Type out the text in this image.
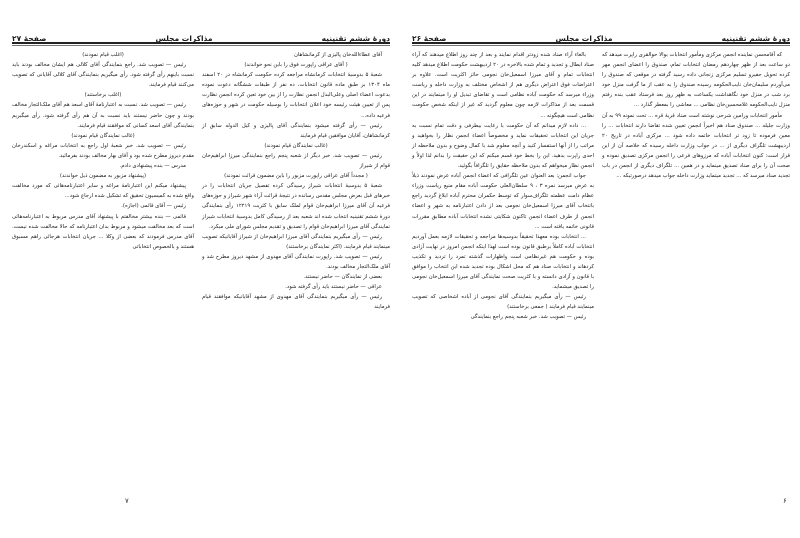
دورهٔ ششم تقنینیه
مذاکرات مجلس
صفحهٔ ۲۷

آقای عطاءالله‌خان پالیزی از کرمانشاهان

( آقای عراقی راپورت فوق را باین نحو خواندند)

شعبهٔ ۵ بدوسیهٔ انتخابات کرمانشاه مراجعه کرده حکومت کرمانشاه در ۲۰ اسفند ماه ۱۳۰۴ بر طبق ماده قانون انتخابات، ده نفر از طبقات ششگانه دعوت نموده بدعوت اعضاء اصلی وعلی‌البدل انجمن نظارت را از بین خود تعین کرده انجمن نظارت پس از تعیین هیئت رئیسه خود اعلان انتخابات را بوسیله حکومت در شهر و حوزه‌های فرعیه داده...

رئیس — رأی گرفته میشود بنمایندگی آقای پالیزی و کیل الدوله سابق از کرمانشاهان، آقایان موافقین قیام فرمایند

(غالب نمایندگان قیام نمودند)

رئیس — تصویب شد. خبر دیگر از شعبه پنجم راجع بنمایندگی میرزا ابراهیم‌خان قوام از شیراز

( مجدداً آقای عراقی راپورت مزبور را باین مضمون قرائت نمودند)

شعبهٔ ۵ بدوسیهٔ انتخابات شیراز رسیدگی کرده تفصیل جریان انتخابات را در خبرهای قبل بعرض مجلس مقدس رسانده در نتیجهٔ قرائت آراء شهر شیراز و حوزه‌های فرعیه آن آقای میرزا ابراهیم‌خان قوام لملک سابق با کثریت ۱۲۲۱۹ رأی بنمایندگی دورهٔ ششم تقنینیه انتخاب شده اند شعبه بعد از رسیدگی کامل بدوسیهٔ انتخابات شیراز نمایندگی آقای میرزا ابراهیم‌خان قوام را تصدیق و تقدیم مجلس شورای ملی میکرد.

رئیس — رأی میگیریم بنمایندگی آقای میرزا ابراهیم‌خان از شیراز آقایانیکه تصویب مینمایند قیام فرمایند. (اکثر نمایندگان برخاستند)

رئیس — تصویب شد. راپورت نمایندگی آقای مهدوی از مشهد دیروز مطرح شد و آقای ملک‌التجار مخالف بودند.

بعضی از نمایندگان — حاضر نیستند.

عراقی — حاضر نیستند باید رأی گرفته شود.

رئیس — رأی میگیریم بنمایندگی آقای مهدوی از مشهد آقایانیکه موافقند قیام فرمایند

(اغلب قیام نمودند)

رئیس — تصویب شد. راجع بنمایندگی آقای کلالی هم ایشان مخالف بودند باید نسبت باینهم رأی گرفته شود. رأی میگیریم بنمایندگی آقای کلالی آقایانی که تصویب می‌کنند قیام فرمایند.

(اغلب برخاستند)

رئیس — تصویب شد. نسبت به اعتبارنامهٔ آقای اسعد هم آقای ملک‌التجار مخالف بودند و چون حاضر نیستند باید نسبت به آن هم رأی گرفته شود. رأی میگیریم بنمایندگی آقای اسعد کسانی که موافقند قیام فرمایند.

(غالب نمایندگان قیام نمودند)

رئیس — تصویب شد. خبر شعبهٔ اول راجع به انتخابات مراغه و اسکندرخان مقدم دیروز مطرح شده بود و آقای بهار مخالف بودند بفرمائید.

مدرس — بنده پیشنهادی دادم.

(پیشنهاد مزبور به مضمون ذیل خواندند)

پیشنهاد میکنم این اعتبارنامهٔ مراغه و سایر اعتبارنامه‌هائی که مورد مخالفت واقع شده به کمیسیون تحقیق که تشکیل شده ارجاع شود...

رئیس — آقای قائمی (اجازه).

قائمی — بنده بیشتر مخالفتم با پیشنهاد آقای مدرس مربوط به اعتبارنامه‌هائی است که بعد مخالفت میشود و مربوط بدان اعتبارنامه که حالا مخالفت شده نیست. آقای مدرس فرمودند که بعضی از وکلا ... جریان انتخابات هرجائی راهم مسبوق هستند و بالخصوص انتخاباتی

۷
دورهٔ ششم تقنینیه
مذاکرات مجلس
صفحهٔ ۲۶

که آقامحسن نماینده انجمن مرکزی ومأمور انتخابات بوالا حوالقری راپرت میدهد که دو ساعت بعد از ظهر چهاردهم رمضان انتخابات تمام، صندوق را اعضای انجمن مهر کرده تحویل حفیرو تسلیم مرکزی زنجانی داده رسید گرفته در موقعی که صندوق را می‌آوردم سلیمان‌خان نایب‌الحکومه رسیده صندوق را به عقب از ما گرفت منزل خود برد شب در منزل خود نگاهداشت یکساعت به ظهر روز بعد فرستاد عقب بنده رفتم منزل نایب‌الحکومه غلامحسین‌خان نظامی ... معاشی را بمعطر گذارد ...

مأمور انتخابات ورامین شرحی نوشته است صناد قریهٔ قره ... تحت نمونه ۹۹ به آن وزارت جلیله ... صندوق صناد هم اخیراً انجمن تعیین شده تقاضا دارند انتخابات ... را معین فرموده تا زود تر انتخابات خاتمه داده شود ... مرکزی آباده در تاریخ ۲۰ اردیبهشت تلگراف دیگری از ... در جواب وزارت داخله رسیده که خلاصه آن از این قرار است: کنون انتخابات آباده که مرزوهای فرعی را انجمن مرکزی تصدیق نموده و صحت آن را برای صناد تصدیق مینماید و در همین ... تلگراف دیگری از انجمن در باب تجدید صناد میرسد که ... تجدید میتماید وزارت داخله جواب میدهد درصورتیکه ...

بالغاء آراء صناد شده زودتر اقدام نمایند و بعد از چند روز اطلاع میدهند که آراء صناد ابطال و تجدید و تمام شده بالاخره در ۲۰ اردیبهشت حکومت اطلاع میدهد کلیه انتخابات تمام و آقای میرزا اسمعیل‌خان نجومی حائز اکثریت است. علاوه بر اعتراضات فوق اعتراض دیگری هم از اشخاص مختلف به وزارت داخله و ریاست وزراء میرسد که حکومت آباده نظامی است و تقاضای تبدیل او را مینمایند در این قسمت بعد از مذاکرات لازمه چون معلوم گردید که غیر از اینکه شخص حکومت نظامی است هیچگونه ...

... داده لازم میدانم که آن حکومت با رعایت بیطرفی و دقت تمام نسبت به جریان این انتخابات تحقیقات نماید و مخصوصاً اعضاء انجمن نظار را بخواهید و مراتب را از آنها استفسار کنید و آنچه معلوم شد با کمال وضوح و بدون ملاحظه از احدی راپرت بدهید. این را بخط خود قسم میکنم که این حقیقت را بدانم لذا اولاً و انجمن نظار میخواهم که بدون ملاحظه حقایق را تلگرافاً بگوئید.

جواب انجمن: بعد العنوان عین تلگرافی که اعضاء انجمن آباده عرض نمودند ذیلاً به عرض میرسد نمره ۳ ، ۹ سلطان‌العلی حکومت آباده مقام منیع ریاست وزراء عظام دامت عظمته تلگراف‌سوار که توسط حکمران محترم آباده ابلاغ گردید راجع بانتخاب آقای میرزا اسمعیل‌خان نجومی بعد از دادن اعتبارنامه به شهر و اعضاء انجمن از طرف اعضاء انجمن تاکنون شکایتی نشده انتخابات آباده مطابق مقررات قانونی خاتمه یافته است ...

... انتخابات بوده معهذا تحقیقاً بدوسیه‌ها مراجعه و تحقیقات لازمه بعمل آوردیم انتخابات آباده کاملاً برطبق قانون بوده است لهذا اینکه انجمن امروز در نهایت آزادی بوده و حکومت هم غیرنظامی است واظهارات گذشته تمرد را تردید و تکذیب کردهاند و انتخابات صناد هم که محل اشکال بوده تجدید شده این انتخاب را موافق با قانون و آزادی دانسته و با کثریت صحت نمایندگی آقای میرزا اسمعیل‌خان نجومی را تصدیق میشماید.

رئیس — رأی میگیریم بنمایندگی آقای نجومی از آباده اشخاصی که تصویب مینمایند قیام فرمایند ( جمعی برخاستند)

رئیس — تصویب شد. خبر شعبه پنجم راجع بنمایندگی

۶
